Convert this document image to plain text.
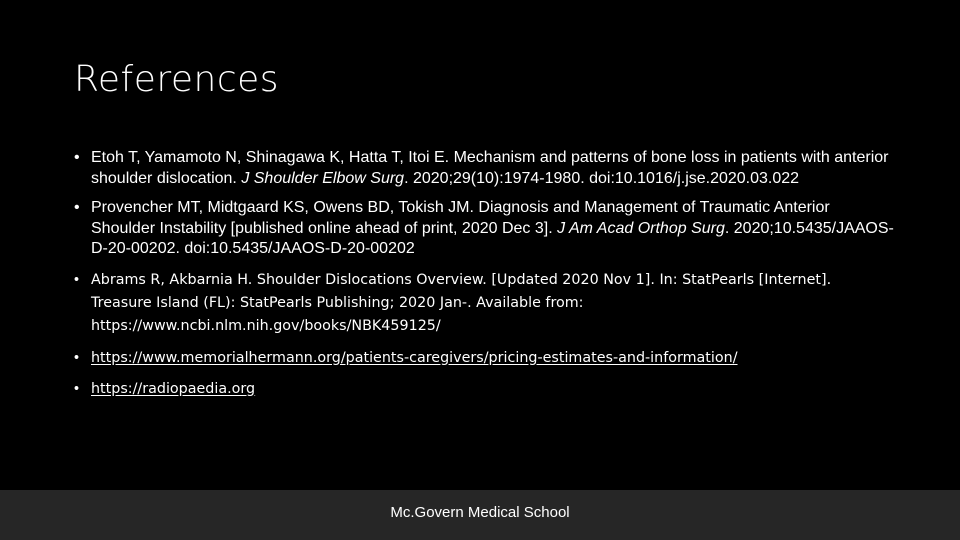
References
• Etoh T, Yamamoto N, Shinagawa K, Hatta T, Itoi E. Mechanism and patterns of bone loss in patients with anterior shoulder dislocation. J Shoulder Elbow Surg. 2020;29(10):1974-1980. doi:10.1016/j.jse.2020.03.022
• Provencher MT, Midtgaard KS, Owens BD, Tokish JM. Diagnosis and Management of Traumatic Anterior Shoulder Instability [published online ahead of print, 2020 Dec 3]. J Am Acad Orthop Surg. 2020;10.5435/JAAOS-D-20-00202. doi:10.5435/JAAOS-D-20-00202
• Abrams R, Akbarnia H. Shoulder Dislocations Overview. [Updated 2020 Nov 1]. In: StatPearls [Internet]. Treasure Island (FL): StatPearls Publishing; 2020 Jan-. Available from: https://www.ncbi.nlm.nih.gov/books/NBK459125/
• https://www.memorialhermann.org/patients-caregivers/pricing-estimates-and-information/
• https://radiopaedia.org
Mc.Govern Medical School
